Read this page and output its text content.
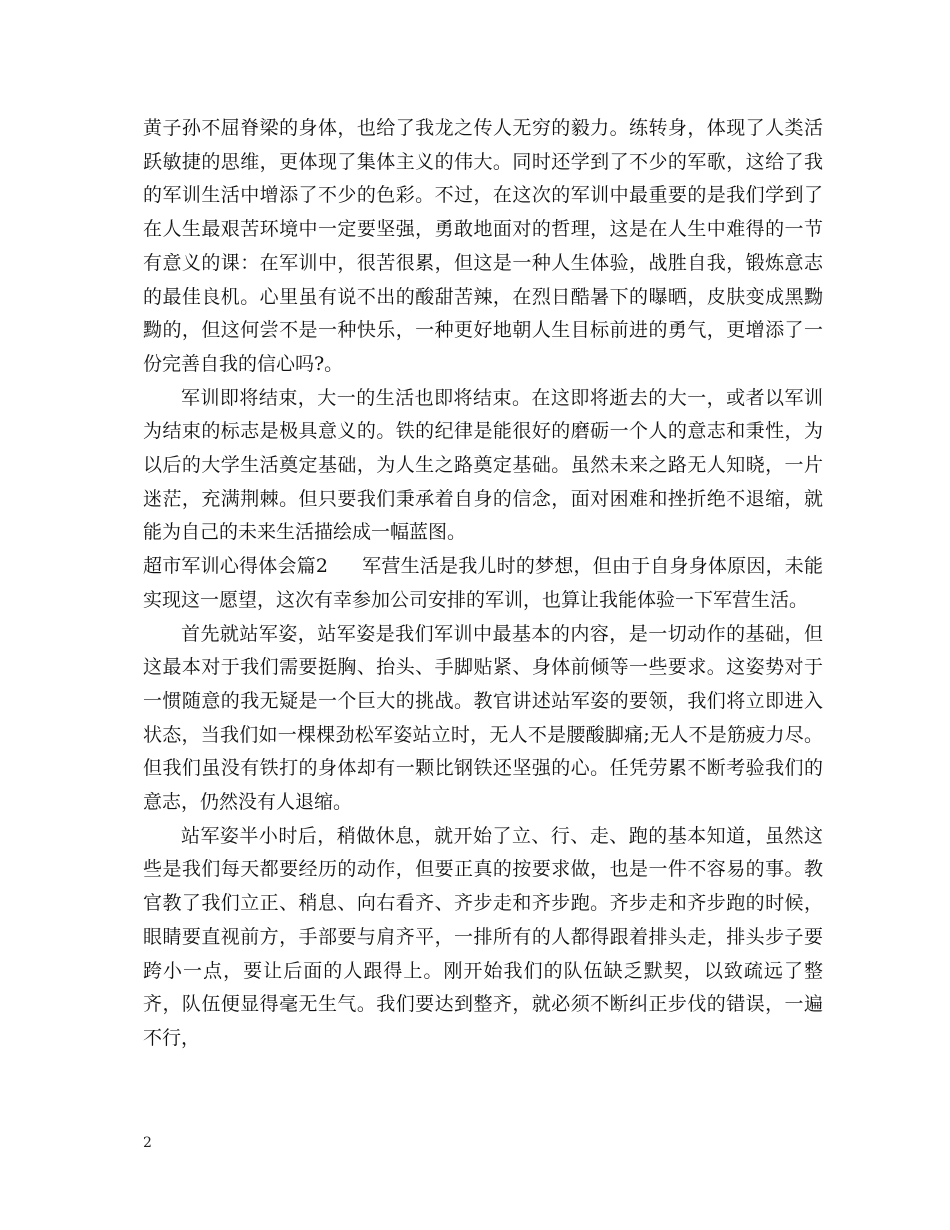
黄子孙不屈脊梁的身体，也给了我龙之传人无穷的毅力。练转身，体现了人类活跃敏捷的思维，更体现了集体主义的伟大。同时还学到了不少的军歌，这给了我的军训生活中增添了不少的色彩。不过，在这次的军训中最重要的是我们学到了在人生最艰苦环境中一定要坚强，勇敢地面对的哲理，这是在人生中难得的一节有意义的课：在军训中，很苦很累，但这是一种人生体验，战胜自我，锻炼意志的最佳良机。心里虽有说不出的酸甜苦辣，在烈日酷暑下的曝晒，皮肤变成黑黝黝的，但这何尝不是一种快乐，一种更好地朝人生目标前进的勇气，更增添了一份完善自我的信心吗?。

军训即将结束，大一的生活也即将结束。在这即将逝去的大一，或者以军训为结束的标志是极具意义的。铁的纪律是能很好的磨砺一个人的意志和秉性，为以后的大学生活奠定基础，为人生之路奠定基础。虽然未来之路无人知晓，一片迷茫，充满荆棘。但只要我们秉承着自身的信念，面对困难和挫折绝不退缩，就能为自己的未来生活描绘成一幅蓝图。

超市军训心得体会篇2 军营生活是我儿时的梦想，但由于自身身体原因，未能实现这一愿望，这次有幸参加公司安排的军训，也算让我能体验一下军营生活。

首先就站军姿，站军姿是我们军训中最基本的内容，是一切动作的基础，但这最本对于我们需要挺胸、抬头、手脚贴紧、身体前倾等一些要求。这姿势对于一惯随意的我无疑是一个巨大的挑战。教官讲述站军姿的要领，我们将立即进入状态，当我们如一棵棵劲松军姿站立时，无人不是腰酸脚痛;无人不是筋疲力尽。但我们虽没有铁打的身体却有一颗比钢铁还坚强的心。任凭劳累不断考验我们的意志，仍然没有人退缩。

站军姿半小时后，稍做休息，就开始了立、行、走、跑的基本知道，虽然这些是我们每天都要经历的动作，但要正真的按要求做，也是一件不容易的事。教官教了我们立正、稍息、向右看齐、齐步走和齐步跑。齐步走和齐步跑的时候，眼睛要直视前方，手部要与肩齐平，一排所有的人都得跟着排头走，排头步子要跨小一点，要让后面的人跟得上。刚开始我们的队伍缺乏默契，以致疏远了整齐，队伍便显得毫无生气。我们要达到整齐，就必须不断纠正步伐的错误，一遍不行，

2
